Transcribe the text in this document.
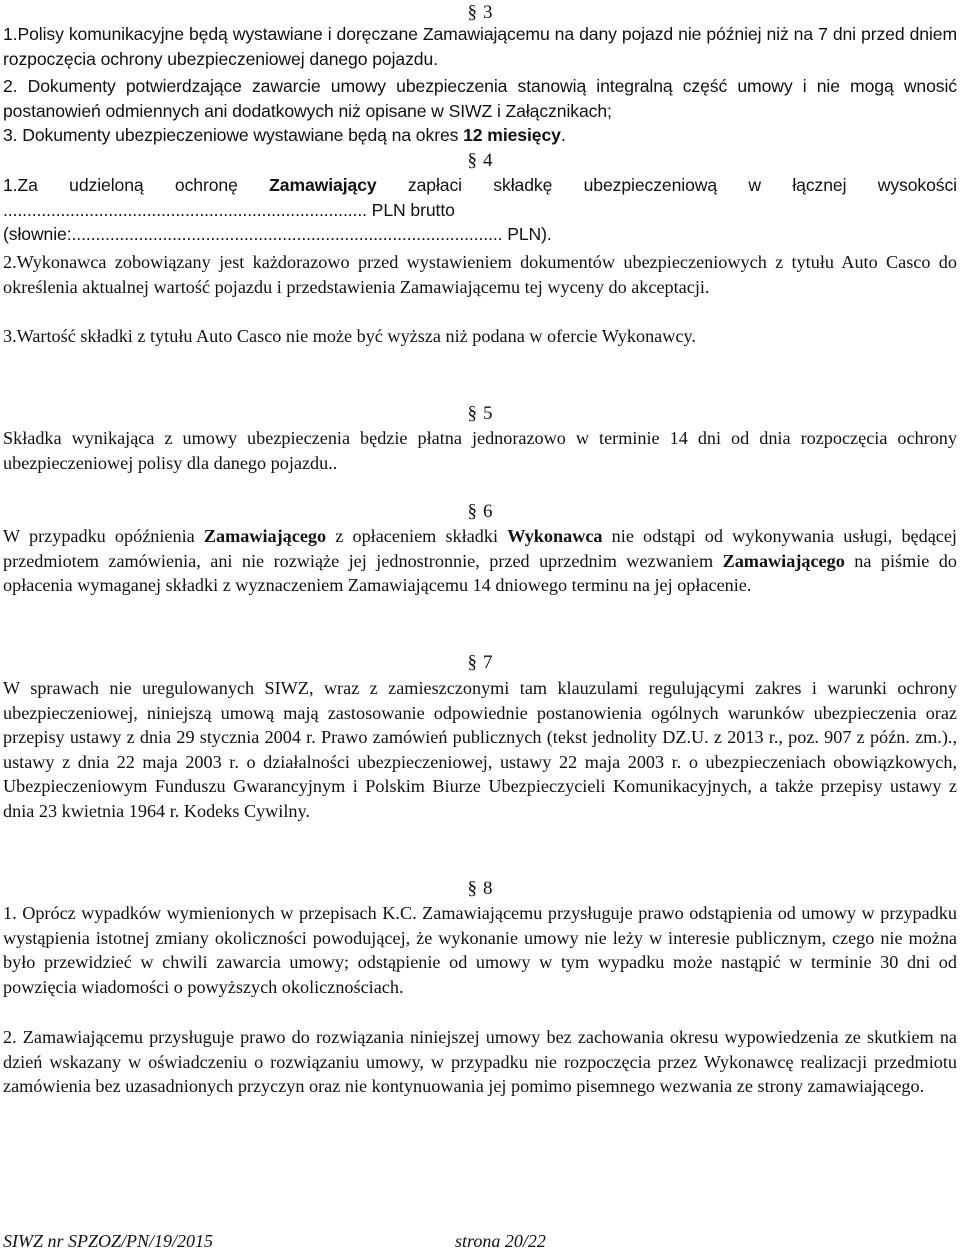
§ 3

1.Polisy komunikacyjne będą wystawiane i doręczane Zamawiającemu na dany pojazd nie później niż na 7 dni przed dniem rozpoczęcia ochrony ubezpieczeniowej danego pojazdu.

2. Dokumenty potwierdzające zawarcie umowy ubezpieczenia stanowią integralną część umowy i nie mogą wnosić postanowień odmiennych ani dodatkowych niż opisane w SIWZ i Załącznikach;

3. Dokumenty ubezpieczeniowe wystawiane będą na okres 12 miesięcy.

§ 4

1.Za udzieloną ochronę Zamawiający zapłaci składkę ubezpieczeniową w łącznej wysokości ............................................................................ PLN brutto
(słownie:.......................................................................................... PLN).

2.Wykonawca zobowiązany jest każdorazowo przed wystawieniem dokumentów ubezpieczeniowych z tytułu Auto Casco do określenia aktualnej wartość pojazdu i przedstawienia Zamawiającemu tej wyceny do akceptacji.

3.Wartość składki z tytułu Auto Casco nie może być wyższa niż podana w ofercie Wykonawcy.

§ 5

Składka wynikająca z umowy ubezpieczenia będzie płatna jednorazowo w terminie 14 dni od dnia rozpoczęcia ochrony ubezpieczeniowej polisy dla danego pojazdu..

§ 6

W przypadku opóźnienia Zamawiającego z opłaceniem składki Wykonawca nie odstąpi od wykonywania usługi, będącej przedmiotem zamówienia, ani nie rozwiąże jej jednostronnie, przed uprzednim wezwaniem Zamawiającego na piśmie do opłacenia wymaganej składki z wyznaczeniem Zamawiającemu 14 dniowego terminu na jej opłacenie.

§ 7

W sprawach nie uregulowanych SIWZ, wraz z zamieszczonymi tam klauzulami regulującymi zakres i warunki ochrony ubezpieczeniowej, niniejszą umową mają zastosowanie odpowiednie postanowienia ogólnych warunków ubezpieczenia oraz przepisy ustawy z dnia 29 stycznia 2004 r. Prawo zamówień publicznych (tekst jednolity DZ.U. z 2013 r., poz. 907 z późn. zm.)., ustawy z dnia 22 maja 2003 r. o działalności ubezpieczeniowej, ustawy 22 maja 2003 r. o ubezpieczeniach obowiązkowych, Ubezpieczeniowym Funduszu Gwarancyjnym i Polskim Biurze Ubezpieczycieli Komunikacyjnych, a także przepisy ustawy z dnia 23 kwietnia 1964 r. Kodeks Cywilny.

§ 8

1. Oprócz wypadków wymienionych w przepisach K.C. Zamawiającemu przysługuje prawo odstąpienia od umowy w przypadku wystąpienia istotnej zmiany okoliczności powodującej, że wykonanie umowy nie leży w interesie publicznym, czego nie można było przewidzieć w chwili zawarcia umowy; odstąpienie od umowy w tym wypadku może nastąpić w terminie 30 dni od powzięcia wiadomości o powyższych okolicznościach.

2. Zamawiającemu przysługuje prawo do rozwiązania niniejszej umowy bez zachowania okresu wypowiedzenia ze skutkiem na dzień wskazany w oświadczeniu o rozwiązaniu umowy, w przypadku nie rozpoczęcia przez Wykonawcę realizacji przedmiotu zamówienia bez uzasadnionych przyczyn oraz nie kontynuowania jej pomimo pisemnego wezwania ze strony zamawiającego.

SIWZ nr SPZOZ/PN/19/2015	strona 20/22
